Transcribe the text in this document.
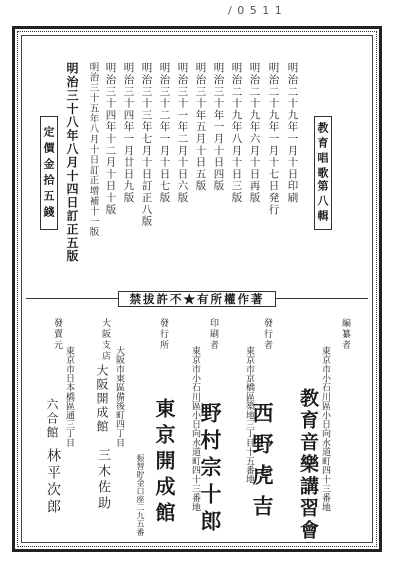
/ 0 5 1 1
教育唱歌
第八輯
明治二十九年一月十日印刷
明治二十九年一月十七日発行
明治二十九年六月十日再版
明治二十九年八月十日三版
明治三十年一月十日四版
明治三十年五月十日五版
明治三十一年二月十日六版
明治三十二年一月十日七版
明治三十三年七月十日訂正八版
明治三十四年一月廿日九版
明治三十四年十二月十日十版
明治三十五年八月十日訂正增補十一版
明治三十八年八月十四日訂正五版
定價金拾五錢
禁拔許不★有所權作著
編纂者
東京市小石川區小日向水道町四十三番地
教育音樂講習會
發行者
東京市京橋區築地三丁目十五番地
西野虎吉
印刷者
東京市小石川區小日向水道町四十三番地
野村宗十郎
發行所
東京開成館
振替貯金口座二九五番
大阪支店
大阪市東區備後町四丁目
大阪開成館
三木佐助
發賣元
東京市日本橋區通三丁目
六合館
林平次郎
